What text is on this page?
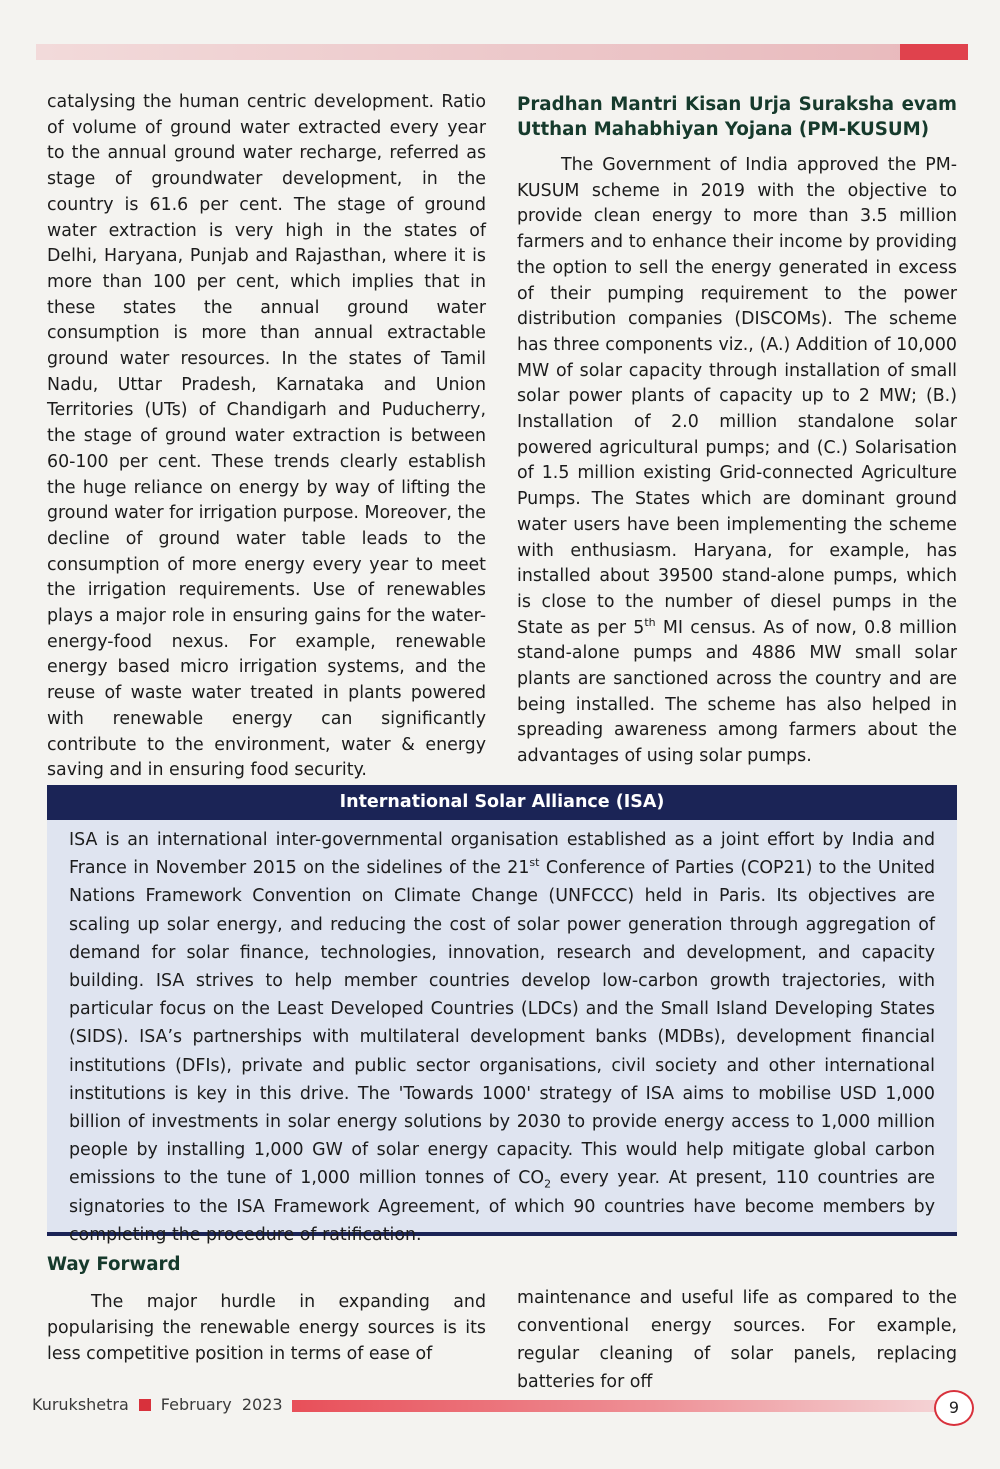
catalysing the human centric development. Ratio of volume of ground water extracted every year to the annual ground water recharge, referred as stage of groundwater development, in the country is 61.6 per cent. The stage of ground water extraction is very high in the states of Delhi, Haryana, Punjab and Rajasthan, where it is more than 100 per cent, which implies that in these states the annual ground water consumption is more than annual extractable ground water resources. In the states of Tamil Nadu, Uttar Pradesh, Karnataka and Union Territories (UTs) of Chandigarh and Puducherry, the stage of ground water extraction is between 60-100 per cent. These trends clearly establish the huge reliance on energy by way of lifting the ground water for irrigation purpose. Moreover, the decline of ground water table leads to the consumption of more energy every year to meet the irrigation requirements. Use of renewables plays a major role in ensuring gains for the water-energy-food nexus. For example, renewable energy based micro irrigation systems, and the reuse of waste water treated in plants powered with renewable energy can significantly contribute to the environment, water & energy saving and in ensuring food security.

Pradhan Mantri Kisan Urja Suraksha evam Utthan Mahabhiyan Yojana (PM-KUSUM)

The Government of India approved the PM-KUSUM scheme in 2019 with the objective to provide clean energy to more than 3.5 million farmers and to enhance their income by providing the option to sell the energy generated in excess of their pumping requirement to the power distribution companies (DISCOMs). The scheme has three components viz., (A.) Addition of 10,000 MW of solar capacity through installation of small solar power plants of capacity up to 2 MW; (B.) Installation of 2.0 million standalone solar powered agricultural pumps; and (C.) Solarisation of 1.5 million existing Grid-connected Agriculture Pumps. The States which are dominant ground water users have been implementing the scheme with enthusiasm. Haryana, for example, has installed about 39500 stand-alone pumps, which is close to the number of diesel pumps in the State as per 5th MI census. As of now, 0.8 million stand-alone pumps and 4886 MW small solar plants are sanctioned across the country and are being installed. The scheme has also helped in spreading awareness among farmers about the advantages of using solar pumps.

International Solar Alliance (ISA)
ISA is an international inter-governmental organisation established as a joint effort by India and France in November 2015 on the sidelines of the 21st Conference of Parties (COP21) to the United Nations Framework Convention on Climate Change (UNFCCC) held in Paris. Its objectives are scaling up solar energy, and reducing the cost of solar power generation through aggregation of demand for solar finance, technologies, innovation, research and development, and capacity building. ISA strives to help member countries develop low-carbon growth trajectories, with particular focus on the Least Developed Countries (LDCs) and the Small Island Developing States (SIDS). ISA’s partnerships with multilateral development banks (MDBs), development financial institutions (DFIs), private and public sector organisations, civil society and other international institutions is key in this drive. The 'Towards 1000' strategy of ISA aims to mobilise USD 1,000 billion of investments in solar energy solutions by 2030 to provide energy access to 1,000 million people by installing 1,000 GW of solar energy capacity. This would help mitigate global carbon emissions to the tune of 1,000 million tonnes of $CO_2$ every year. At present, 110 countries are signatories to the ISA Framework Agreement, of which 90 countries have become members by completing the procedure of ratification.
Way Forward

The major hurdle in expanding and popularising the renewable energy sources is its less competitive position in terms of ease of

maintenance and useful life as compared to the conventional energy sources. For example, regular cleaning of solar panels, replacing batteries for off

Kurukshetra February  2023	9
